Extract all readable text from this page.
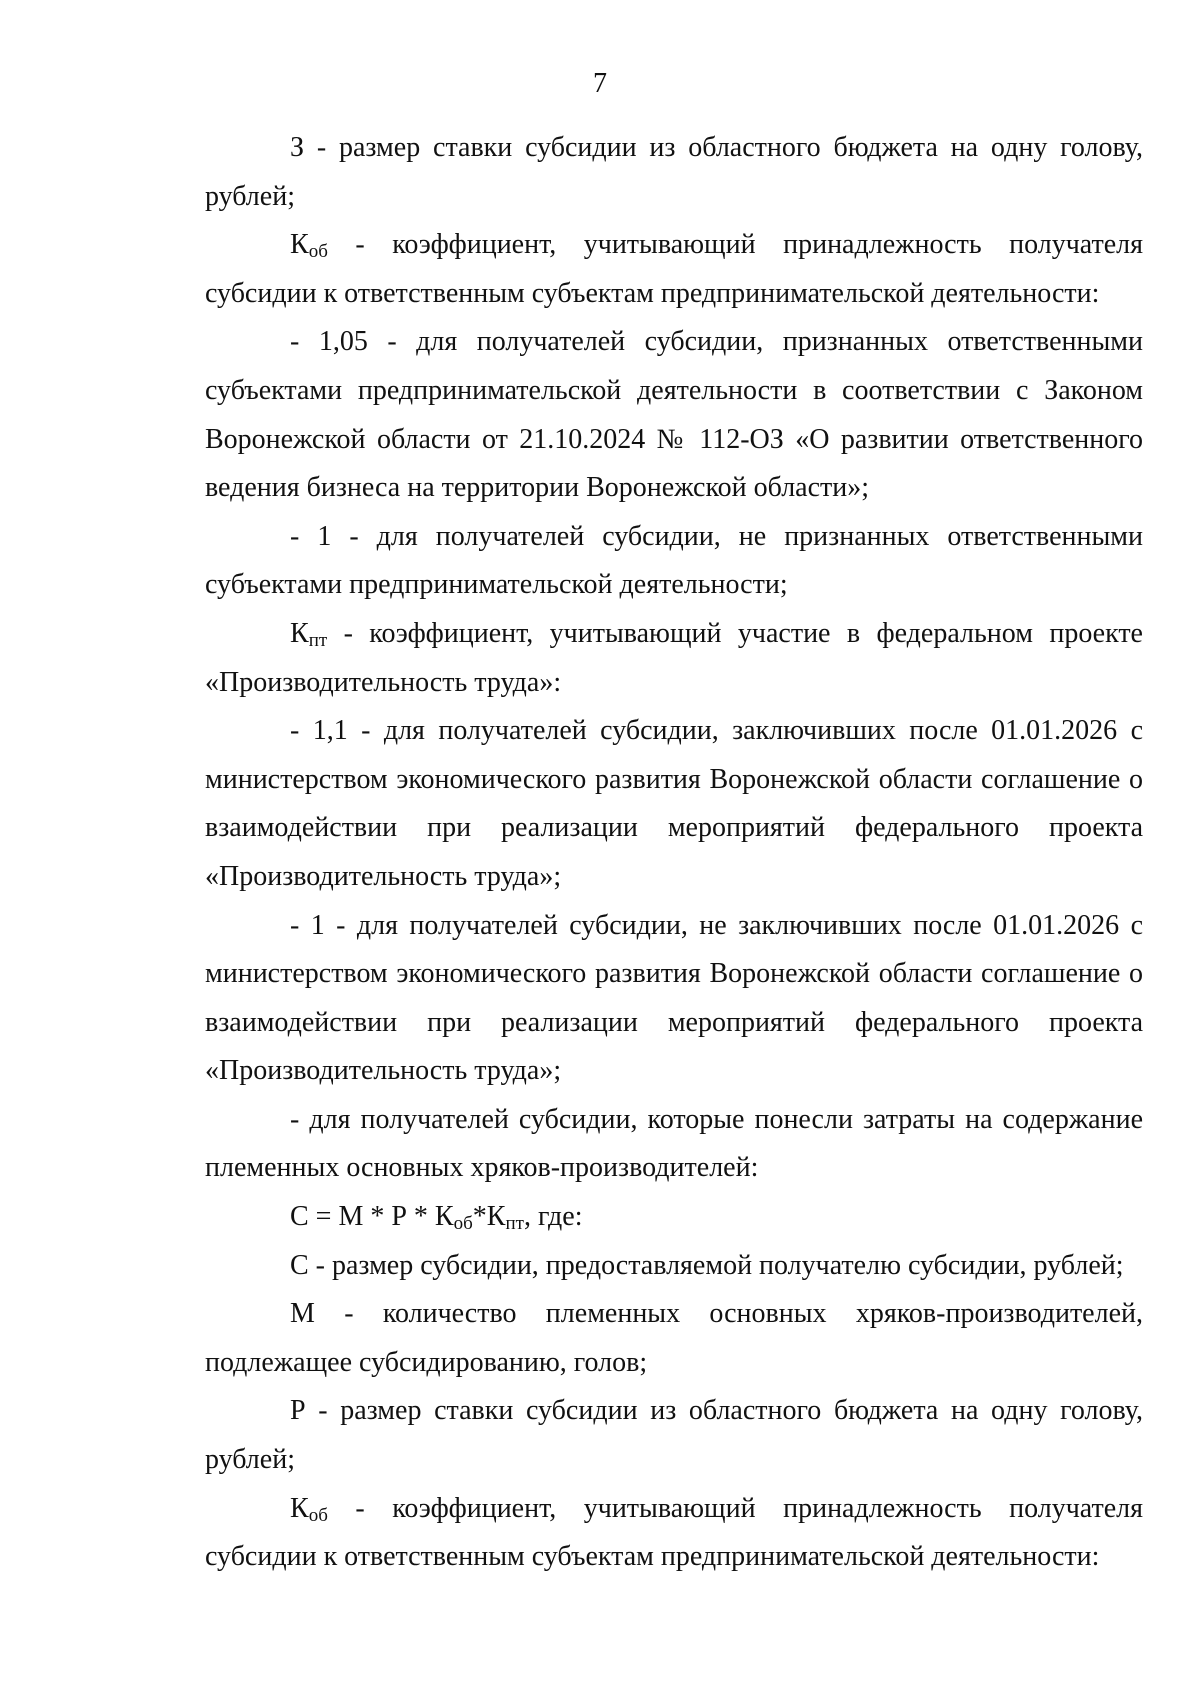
7

З - размер ставки субсидии из областного бюджета на одну голову, рублей;

$К_{об}$ - коэффициент, учитывающий принадлежность получателя субсидии к ответственным субъектам предпринимательской деятельности:

- 1,05 - для получателей субсидии, признанных ответственными субъектами предпринимательской деятельности в соответствии с Законом Воронежской области от 21.10.2024 № 112-ОЗ «О развитии ответственного ведения бизнеса на территории Воронежской области»;

- 1 - для получателей субсидии, не признанных ответственными субъектами предпринимательской деятельности;

$К_{пт}$ - коэффициент, учитывающий участие в федеральном проекте «Производительность труда»:

- 1,1 - для получателей субсидии, заключивших после 01.01.2026 с министерством экономического развития Воронежской области соглашение о взаимодействии при реализации мероприятий федерального проекта «Производительность труда»;

- 1 - для получателей субсидии, не заключивших после 01.01.2026 с министерством экономического развития Воронежской области соглашение о взаимодействии при реализации мероприятий федерального проекта «Производительность труда»;

- для получателей субсидии, которые понесли затраты на содержание племенных основных хряков-производителей:

$С = М * Р * К_{об}*К_{пт}$, где:

С - размер субсидии, предоставляемой получателю субсидии, рублей;

М - количество племенных основных хряков-производителей, подлежащее субсидированию, голов;

Р - размер ставки субсидии из областного бюджета на одну голову, рублей;

$К_{об}$ - коэффициент, учитывающий принадлежность получателя субсидии к ответственным субъектам предпринимательской деятельности:
